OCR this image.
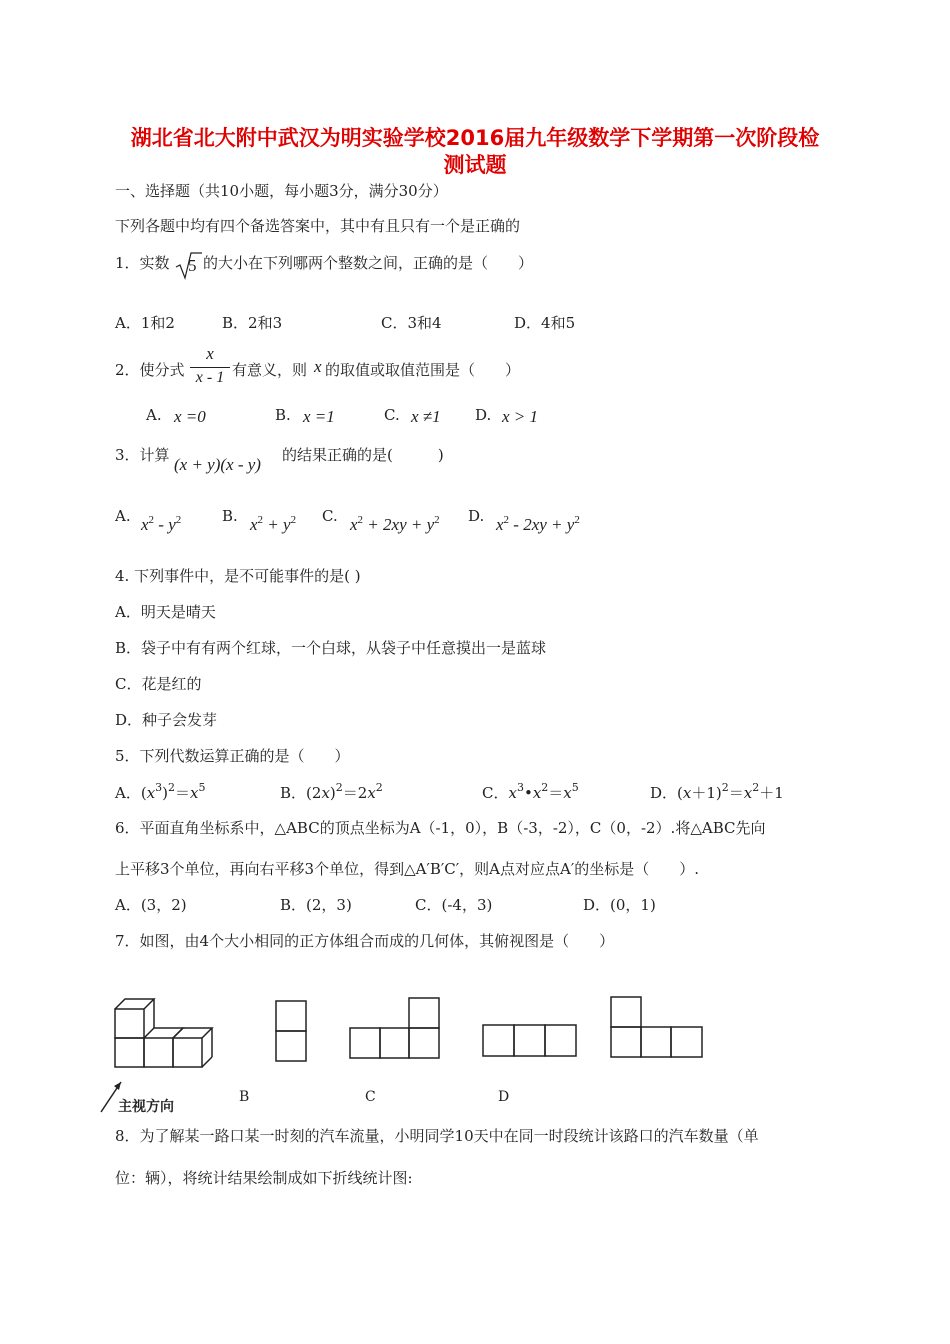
湖北省北大附中武汉为明实验学校2016届九年级数学下学期第一次阶段检
测试题
一、选择题（共10小题，每小题3分，满分30分）
下列各题中均有四个备选答案中，其中有且只有一个是正确的
1．实数 5 的大小在下列哪两个整数之间，正确的是（　　）
A．1和2	B．2和3	C．3和4	D．4和5
2．使分式
x
x - 1 有意义，则 x 的取值或取值范围是（　　）
A. x =0	B. x =1	C. x ≠1 D. x > 1
3．计算 (x + y)(x - y) 的结果正确的是(　　　)
A. $x^2 - y^2$	B. $x^2 + y^2$ C. $x^2 + 2xy + y^2$ D. $x^2 - 2xy + y^2$
4. 下列事件中，是不可能事件的是( )
A．明天是晴天
B．袋子中有有两个红球，一个白球，从袋子中任意摸出一是蓝球
C．花是红的
D．种子会发芽
5．下列代数运算正确的是（　　）
A．$(x^3)^2=x^5$	B．$(2x)^2=2x^2$	C．$x^3•x^2=x^5$	D．$(x+1)^2=x^2+1$
6．平面直角坐标系中，△ABC的顶点坐标为A（-1，0），B（-3，-2），C（0，-2）.将△ABC先向
上平移3个单位，再向右平移3个单位，得到△A′B′C′，则A点对应点A′的坐标是（　　）.
A．(3，2)	B．(2，3)	C．(-4，3)	D．(0，1)
7．如图，由4个大小相同的正方体组合而成的几何体，其俯视图是（　　）
主视方向
B	C	D
8．为了解某一路口某一时刻的汽车流量，小明同学10天中在同一时段统计该路口的汽车数量（单
位：辆），将统计结果绘制成如下折线统计图:
